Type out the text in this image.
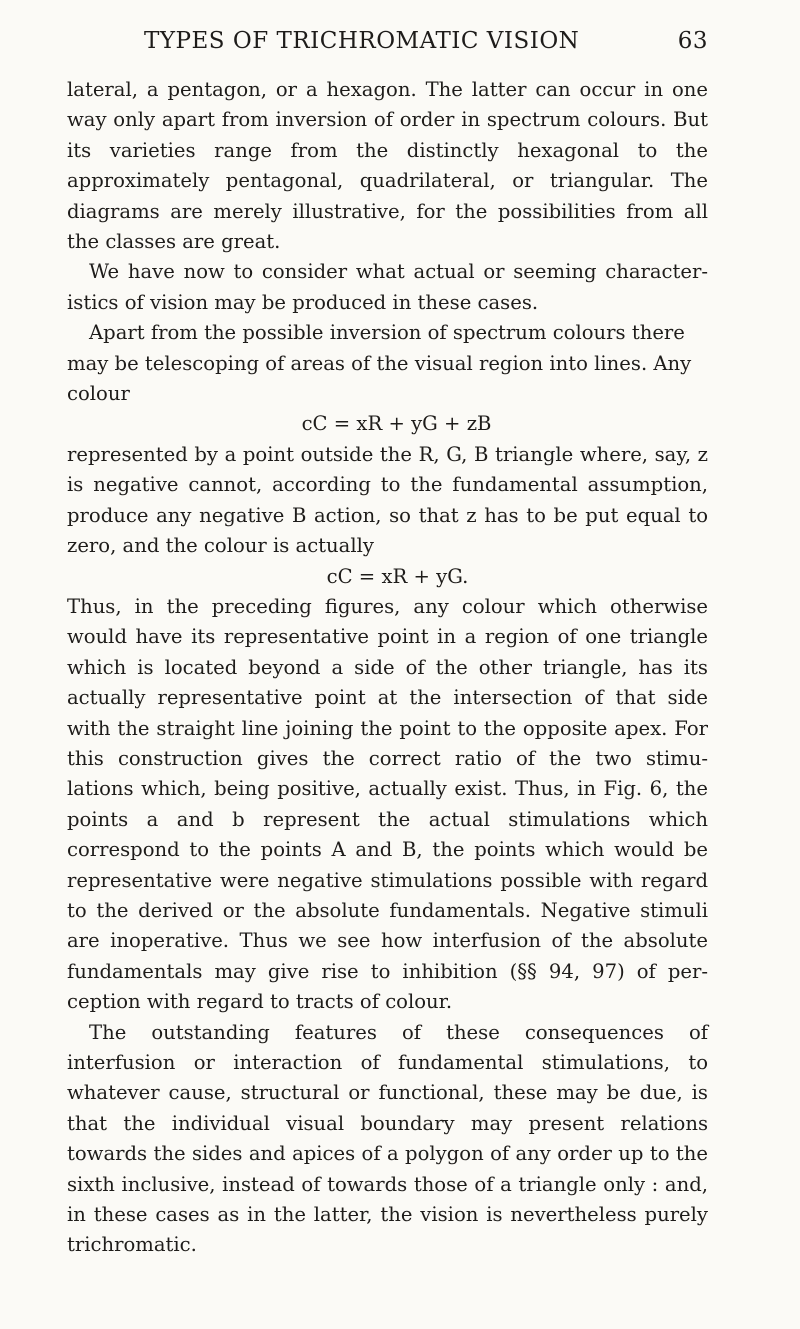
TYPES OF TRICHROMATIC VISION	63

lateral, a pentagon, or a hexagon. The latter can occur in one way only apart from inversion of order in spectrum colours. But its varieties range from the distinctly hexagonal to the approximately pentagonal, quadrilateral, or triangular. The diagrams are merely illustrative, for the possibilities from all the classes are great.

We have now to consider what actual or seeming character- istics of vision may be produced in these cases.

Apart from the possible inversion of spectrum colours there may be telescoping of areas of the visual region into lines. Any colour

cC = xR + yG + zB

represented by a point outside the R, G, B triangle where, say, z is negative cannot, according to the fundamental assumption, produce any negative B action, so that z has to be put equal to zero, and the colour is actually

cC = xR + yG.

Thus, in the preceding figures, any colour which otherwise would have its representative point in a region of one triangle which is located beyond a side of the other triangle, has its actually representative point at the intersection of that side with the straight line joining the point to the opposite apex. For this construction gives the correct ratio of the two stimu- lations which, being positive, actually exist. Thus, in Fig. 6, the points a and b represent the actual stimulations which correspond to the points A and B, the points which would be representative were negative stimulations possible with regard to the derived or the absolute fundamentals. Negative stimuli are inoperative. Thus we see how interfusion of the absolute fundamentals may give rise to inhibition (§§ 94, 97) of per- ception with regard to tracts of colour.

The outstanding features of these consequences of interfusion or interaction of fundamental stimulations, to whatever cause, structural or functional, these may be due, is that the individual visual boundary may present relations towards the sides and apices of a polygon of any order up to the sixth inclusive, instead of towards those of a triangle only : and, in these cases as in the latter, the vision is nevertheless purely trichromatic.
